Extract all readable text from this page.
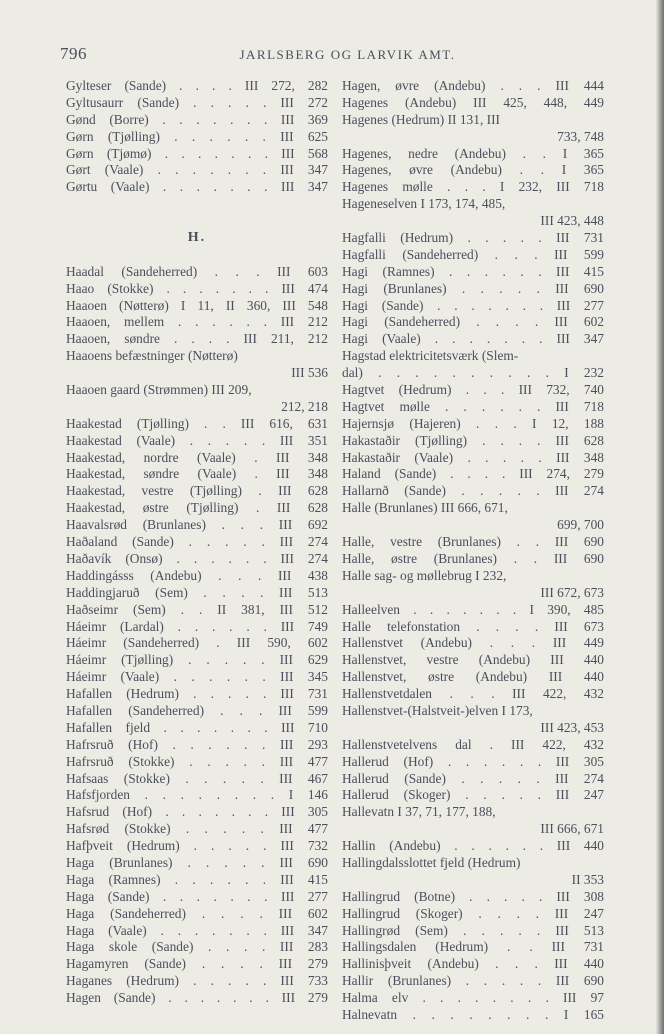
796	JARLSBERG OG LARVIK AMT.
Gylteser (Sande) . . . . III 272, 282
Gyltusaurr (Sande) . . . . . III 272
Gønd (Borre) . . . . . . . III 369
Gørn (Tjølling) . . . . . . III 625
Gørn (Tjømø) . . . . . . . III 568
Gørt (Vaale) . . . . . . . III 347
Gørtu (Vaale) . . . . . . . III 347
H.
Haadal (Sandeherred) . . . III 603
Haao (Stokke) . . . . . . . III 474
Haaoen (Nøtterø) I 11, II 360, III 548
Haaoen, mellem . . . . . . III 212
Haaoen, søndre . . . . III 211, 212
Haaoens befæstninger (Nøtterø)
III 536
Haaoen gaard (Strømmen) III 209,
212, 218
Haakestad (Tjølling) . . III 616, 631
Haakestad (Vaale) . . . . . III 351
Haakestad, nordre (Vaale) . III 348
Haakestad, søndre (Vaale) . III 348
Haakestad, vestre (Tjølling) . III 628
Haakestad, østre (Tjølling) . III 628
Haavalsrød (Brunlanes) . . . III 692
Haðaland (Sande) . . . . . III 274
Haðavík (Onsø) . . . . . . III 274
Haddingásss (Andebu) . . . III 438
Haddingjaruð (Sem) . . . . III 513
Haðseimr (Sem) . . II 381, III 512
Háeimr (Lardal) . . . . . . III 749
Háeimr (Sandeherred) . III 590, 602
Háeimr (Tjølling) . . . . . III 629
Háeimr (Vaale) . . . . . . III 345
Hafallen (Hedrum) . . . . . III 731
Hafallen (Sandeherred) . . . III 599
Hafallen fjeld . . . . . . . III 710
Hafrsruð (Hof) . . . . . . III 293
Hafrsruð (Stokke) . . . . . III 477
Hafsaas (Stokke) . . . . . III 467
Hafsfjorden . . . . . . . . I 146
Hafsrud (Hof) . . . . . . . III 305
Hafsrød (Stokke) . . . . . III 477
Hafþveit (Hedrum) . . . . . III 732
Haga (Brunlanes) . . . . . III 690
Haga (Ramnes) . . . . . . III 415
Haga (Sande) . . . . . . . III 277
Haga (Sandeherred) . . . . III 602
Haga (Vaale) . . . . . . . III 347
Haga skole (Sande) . . . . III 283
Hagamyren (Sande) . . . . III 279
Haganes (Hedrum) . . . . . III 733
Hagen (Sande) . . . . . . . III 279
Hagen, øvre (Andebu) . . . III 444
Hagenes (Andebu) III 425, 448, 449
Hagenes (Hedrum) II 131, III
733, 748
Hagenes, nedre (Andebu) . . I 365
Hagenes, øvre (Andebu) . . I 365
Hagenes mølle . . . I 232, III 718
Hageneselven I 173, 174, 485,
III 423, 448
Hagfalli (Hedrum) . . . . . III 731
Hagfalli (Sandeherred) . . . III 599
Hagi (Ramnes) . . . . . . III 415
Hagi (Brunlanes) . . . . . III 690
Hagi (Sande) . . . . . . . III 277
Hagi (Sandeherred) . . . . III 602
Hagi (Vaale) . . . . . . . III 347
Hagstad elektricitetsværk (Slem-
dal) . . . . . . . . . . I 232
Hagtvet (Hedrum) . . . III 732, 740
Hagtvet mølle . . . . . . III 718
Hajernsjø (Hajeren) . . . I 12, 188
Hakastaðir (Tjølling) . . . . III 628
Hakastaðir (Vaale) . . . . . III 348
Haland (Sande) . . . . III 274, 279
Hallarnð (Sande) . . . . . III 274
Halle (Brunlanes) III 666, 671,
699, 700
Halle, vestre (Brunlanes) . . III 690
Halle, østre (Brunlanes) . . III 690
Halle sag- og møllebrug I 232,
III 672, 673
Halleelven . . . . . . . I 390, 485
Halle telefonstation . . . . III 673
Hallenstvet (Andebu) . . . III 449
Hallenstvet, vestre (Andebu) III 440
Hallenstvet, østre (Andebu) III 440
Hallenstvetdalen . . . III 422, 432
Hallenstvet-(Halstveit-)elven I 173,
III 423, 453
Hallenstvetelvens dal . III 422, 432
Hallerud (Hof) . . . . . . III 305
Hallerud (Sande) . . . . . III 274
Hallerud (Skoger) . . . . . III 247
Hallevatn I 37, 71, 177, 188,
III 666, 671
Hallin (Andebu) . . . . . . III 440
Hallingdalsslottet fjeld (Hedrum)
II 353
Hallingrud (Botne) . . . . . III 308
Hallingrud (Skoger) . . . . III 247
Hallingrød (Sem) . . . . . III 513
Hallingsdalen (Hedrum) . . III 731
Hallinisþveit (Andebu) . . . III 440
Hallir (Brunlanes) . . . . . III 690
Halma elv . . . . . . . . III 97
Halnevatn . . . . . . . . I 165
